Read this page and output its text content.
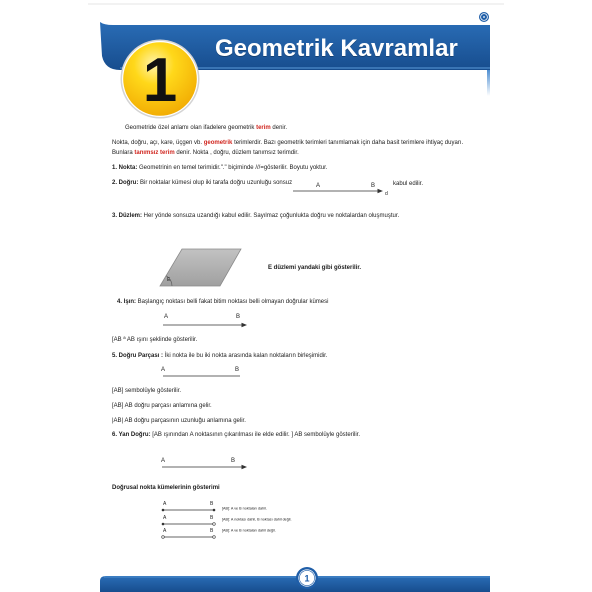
1
1
Geometrik Kavramlar
Geometride özel anlamı olan ifadelere geometrik terim denir.
Nokta, doğru, açı, kare, üçgen vb. geometrik terimlerdir. Bazı geometrik terimleri tanımlamak için daha basit terimlere ihtiyaç duyarı.
Bunlara tanımsız terim denir. Nokta , doğru, düzlem tanımsız terimdir.
1. Nokta: Geometrinin en temel terimidir."." biçiminde ///=gösterilir. Boyutu yoktur.
2. Doğru: Bir noktalar kümesi olup iki tarafa doğru uzunluğu sonsuz	A	B
d
kabul edilir.
3. Düzlem: Her yönde sonsuza uzandığı kabul edilir. Sayılmaz çoğunlukta doğru ve noktalardan oluşmuştur.
E
E düzlemi yandaki gibi gösterilir.
4. Işın: Başlangıç noktası belli fakat bitim noktası belli olmayan doğrular kümesi
A	B
[AB ª AB ışını şeklinde gösterilir.
5. Doğru Parçası : İki nokta ile bu iki nokta arasında kalan noktaların birleşimidir.
A	B
[AB] sembolüyle gösterilir.
[AB] AB doğru parçası anlamına gelir.
|AB| AB doğru parçasının uzunluğu anlamına gelir.
6. Yan Doğru: [AB ışınından A noktasının çıkarılması ile elde edilir. ] AB sembolüyle gösterilir.
A	B
Doğrusal nokta kümelerinin gösterimi
A	B
[AB]: A ve B noktaları dahil.
A	B [AB]: A noktası dahil, B noktası dahil değil.
A	B [AB]: A ve B noktaları dahil değil.
